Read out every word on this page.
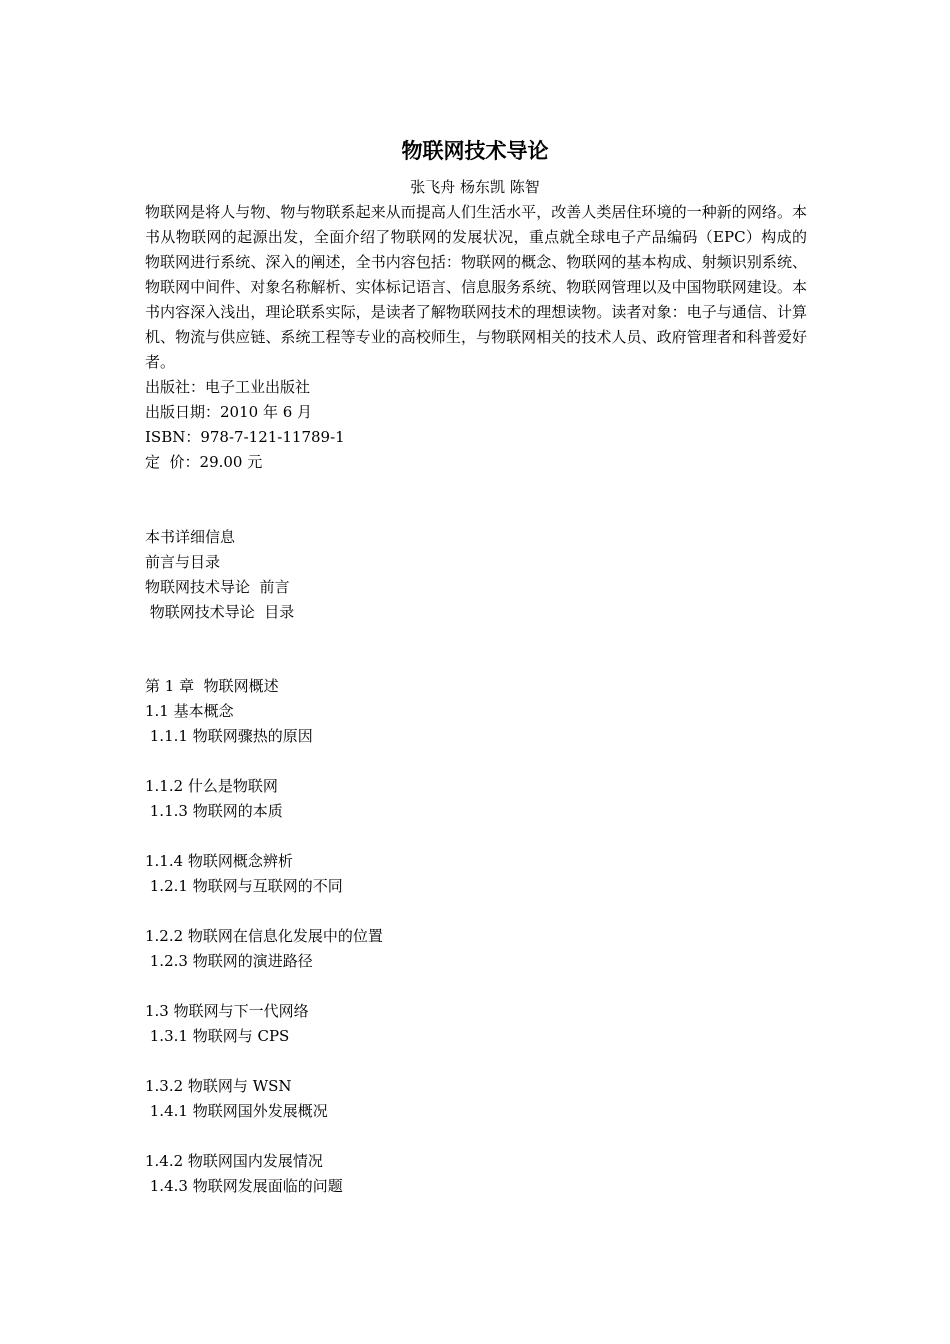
物联网技术导论
张飞舟 杨东凯 陈智

物联网是将人与物、物与物联系起来从而提高人们生活水平，改善人类居住环境的一种新的网络。本书从物联网的起源出发，全面介绍了物联网的发展状况，重点就全球电子产品编码（EPC）构成的物联网进行系统、深入的阐述，全书内容包括：物联网的概念、物联网的基本构成、射频识别系统、物联网中间件、对象名称解析、实体标记语言、信息服务系统、物联网管理以及中国物联网建设。本书内容深入浅出，理论联系实际，是读者了解物联网技术的理想读物。读者对象：电子与通信、计算机、物流与供应链、系统工程等专业的高校师生，与物联网相关的技术人员、政府管理者和科普爱好者。

出版社：电子工业出版社

出版日期：2010 年 6 月

ISBN：978-7-121-11789-1

定  价：29.00 元

本书详细信息

前言与目录

物联网技术导论  前言

物联网技术导论  目录

第 1 章  物联网概述

1.1 基本概念

1.1.1 物联网骤热的原因

1.1.2 什么是物联网

1.1.3 物联网的本质

1.1.4 物联网概念辨析

1.2.1 物联网与互联网的不同

1.2.2 物联网在信息化发展中的位置

1.2.3 物联网的演进路径

1.3 物联网与下一代网络

1.3.1 物联网与 CPS

1.3.2 物联网与 WSN

1.4.1 物联网国外发展概况

1.4.2 物联网国内发展情况

1.4.3 物联网发展面临的问题
